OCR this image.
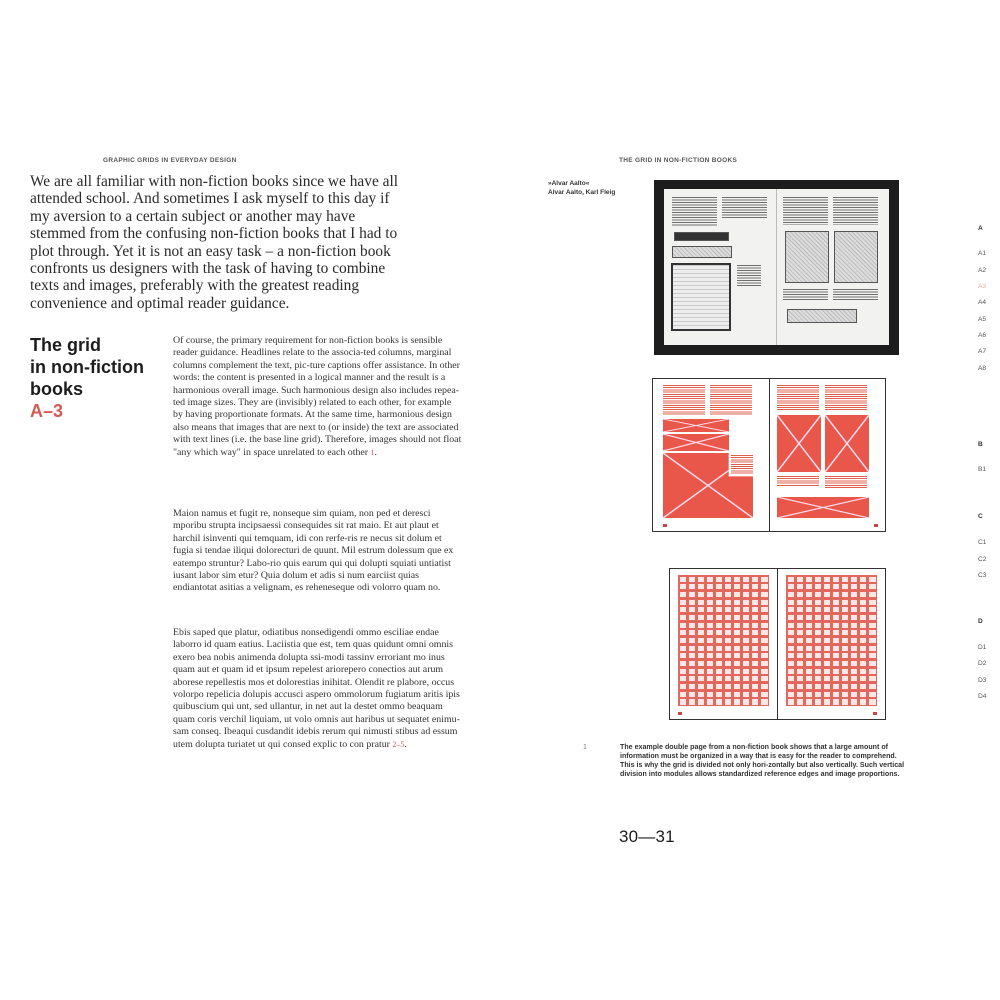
GRAPHIC GRIDS IN EVERYDAY DESIGN

We are all familiar with non-fiction books since we have all attended school. And sometimes I ask myself to this day if my aversion to a certain subject or another may have stemmed from the confusing non-fiction books that I had to plot through. Yet it is not an easy task – a non-fiction book confronts us designers with the task of having to combine texts and images, preferably with the greatest reading convenience and optimal reader guidance.

The grid
in non-fiction
books
A–3

Of course, the primary requirement for non-fiction books is sensible reader guidance. Headlines relate to the associa-ted columns, marginal columns complement the text, pic-ture captions offer assistance. In other words: the content is presented in a logical manner and the result is a harmonious overall image. Such harmonious design also includes repea-ted image sizes. They are (invisibly) related to each other, for example by having proportionate formats. At the same time, harmonious design also means that images that are next to (or inside) the text are associated with text lines (i.e. the base line grid). Therefore, images should not float "any which way" in space unrelated to each other 1.

Maion namus et fugit re, nonseque sim quiam, non ped et deresci mporibu strupta incipsaessi consequides sit rat maio. Et aut plaut et harchil isinventi qui temquam, idi con rerfe-ris re necus sit dolum et fugia si tendae iliqui dolorecturi de quunt. Mil estrum dolessum que ex eatempo struntur? Labo-rio quis earum qui qui dolupti squiati untiatist iusant labor sim etur? Quia dolum et adis si num earciist quias endiantotat asitias a velignam, es reheneseque odi volorro quam no.

Ebis saped que platur, odiatibus nonsedigendi ommo esciliae endae laborro id quam eatius. Laciistia que est, tem quas quidunt omni omnis exero bea nobis animenda dolupta ssi-modi tassinv erroriant mo inus quam aut et quam id et ipsum repelest ariorepero conectios aut arum aborese repellestis mos et dolorestias inihitat. Olendit re plabore, occus volorpo repelicia dolupis accusci aspero ommolorum fugiatum aritis ipis quibuscium qui unt, sed ullantur, in net aut la destet ommo beaquam quam coris verchil liquiam, ut volo omnis aut haribus ut sequatet enimu-sam conseq. Ibeaqui cusdandit idebis rerum qui nimusti stibus ad essum utem dolupta turiatet ut qui consed explic to con pratur 2–5.

THE GRID IN NON-FICTION BOOKS
»Alvar Aalto«
Alvar Aalto, Karl Fleig
1	The example double page from a non-fiction book shows that a large amount of information must be organized in a way that is easy for the reader to comprehend. This is why the grid is divided not only hori-zontally but also vertically. Such vertical division into modules allows standardized reference edges and image proportions.

30—31
A
A1
A2
A3
A4
A5
A6
A7
A8
B
B1
C
C1
C2
C3
D
D1
D2
D3
D4
